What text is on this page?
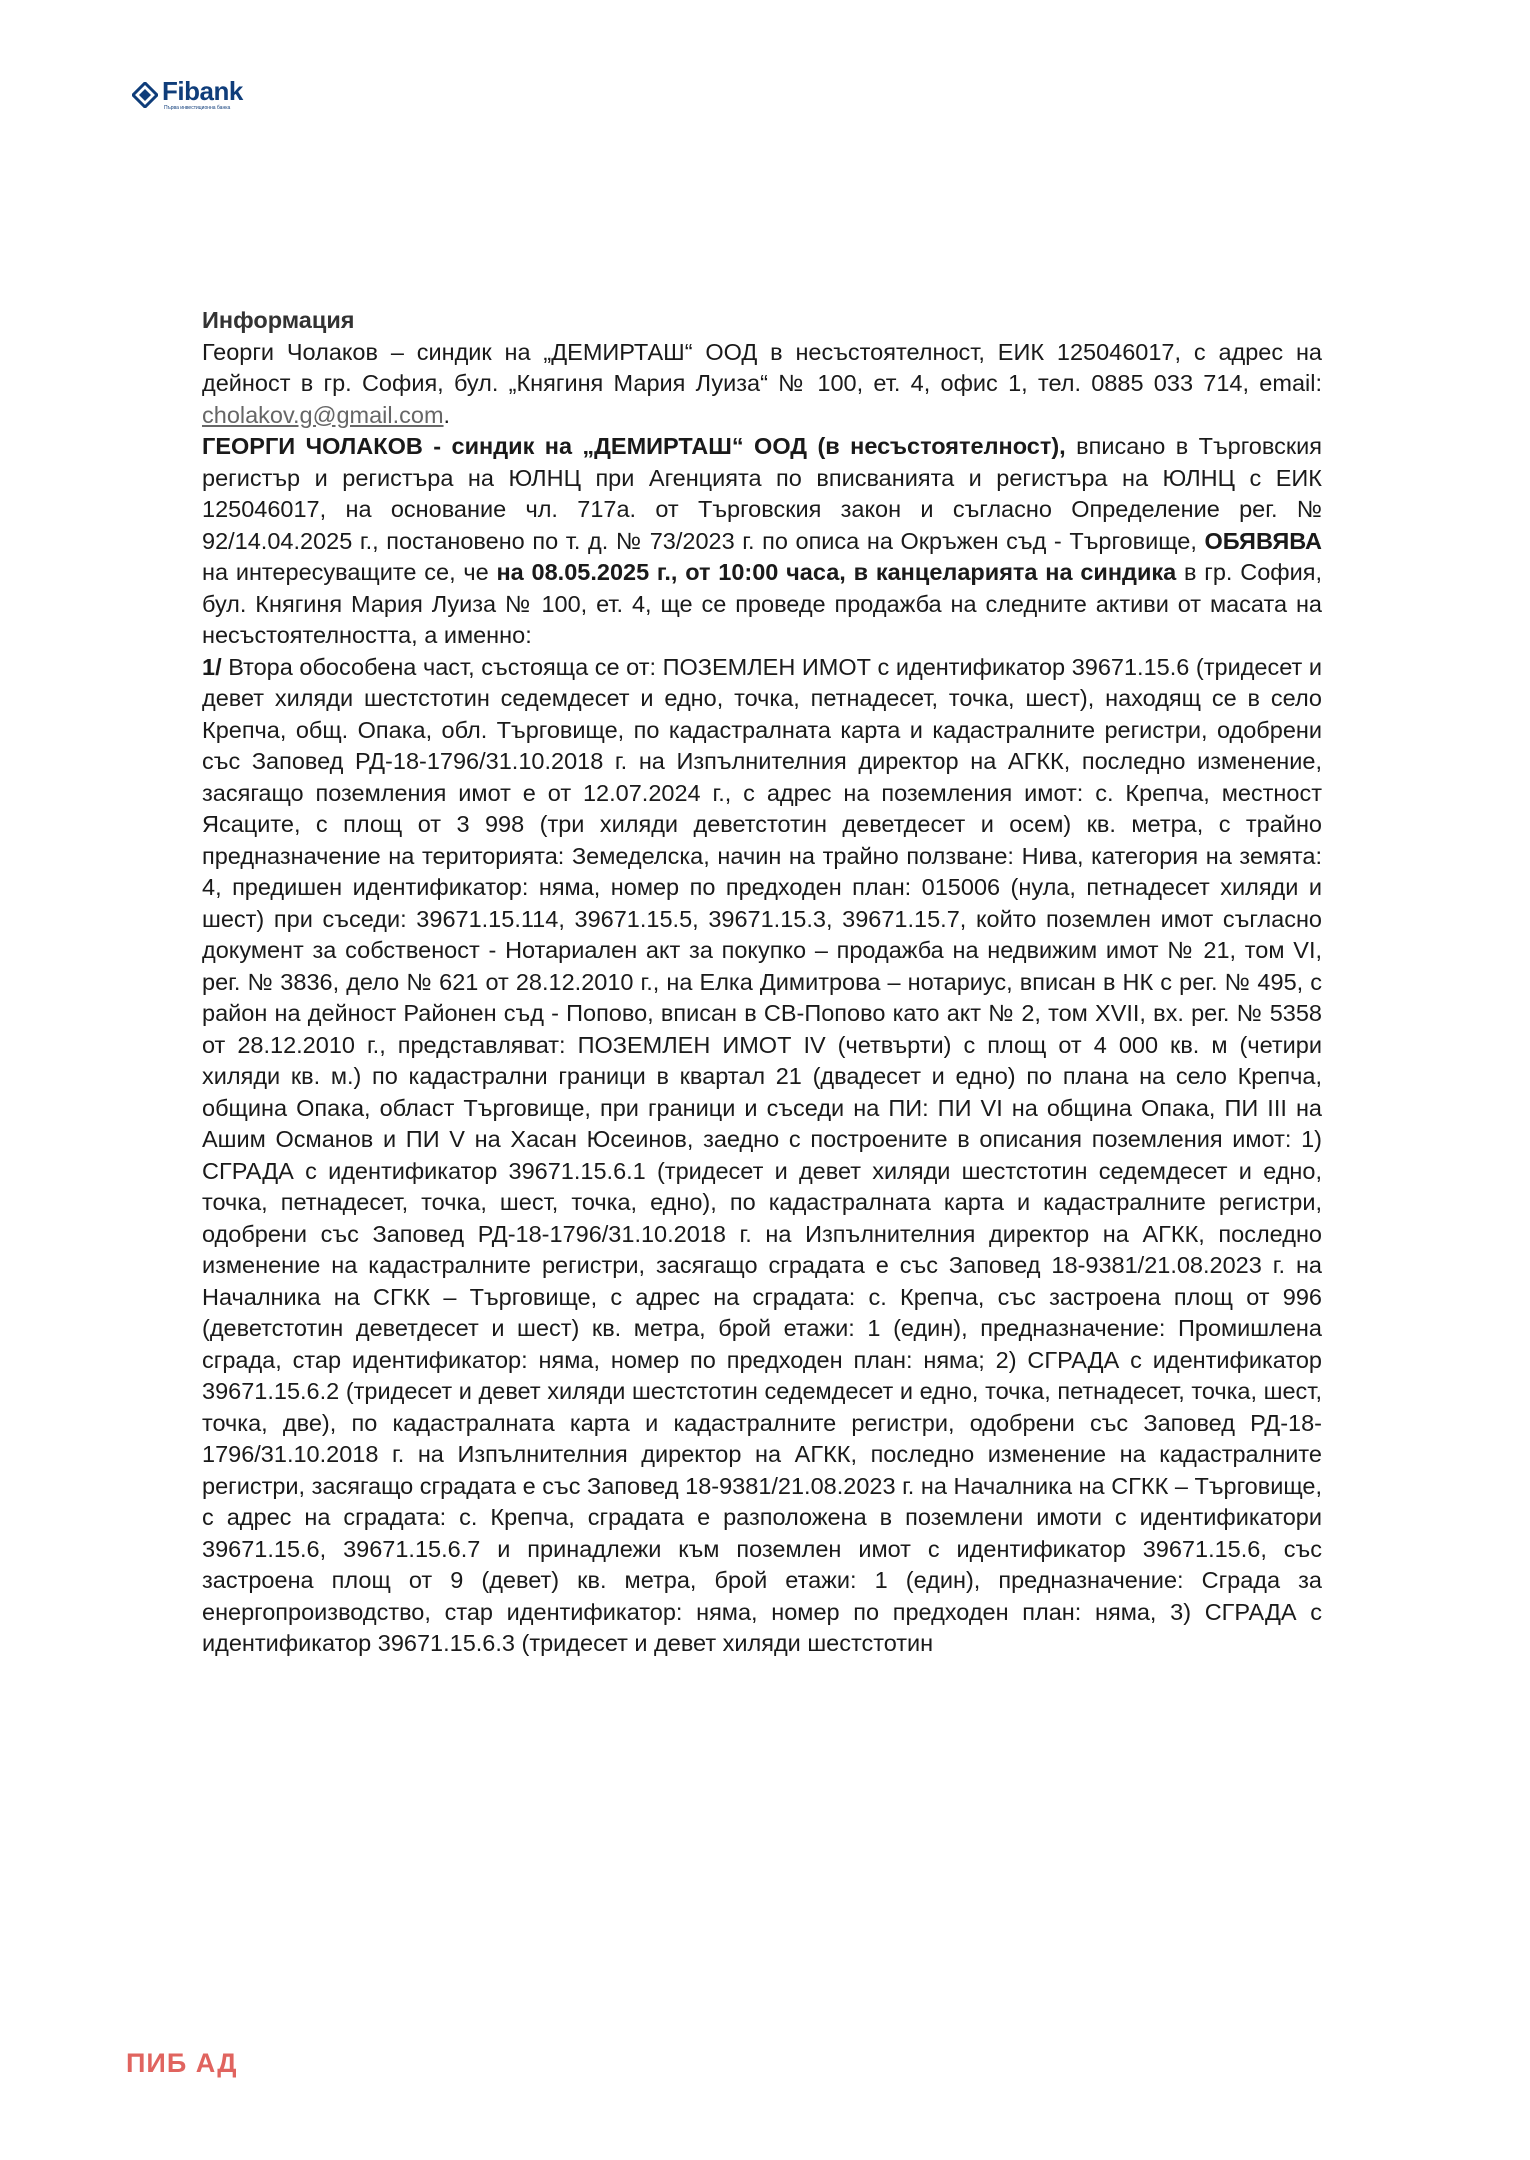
Fibank
Първа инвестиционна банка

Информация

Георги Чолаков – синдик на „ДЕМИРТАШ“ ООД в несъстоятелност, ЕИК 125046017, с адрес на дейност в гр. София, бул. „Княгиня Мария Луиза“ № 100, ет. 4, офис 1, тел. 0885 033 714, email: cholakov.g@gmail.com.

ГЕОРГИ ЧОЛАКОВ - синдик на „ДЕМИРТАШ“ ООД (в несъстоятелност), вписано в Търговския регистър и регистъра на ЮЛНЦ при Агенцията по вписванията и регистъра на ЮЛНЦ с ЕИК 125046017, на основание чл. 717а. от Търговския закон и съгласно Определение рег. № 92/14.04.2025 г., постановено по т. д. № 73/2023 г. по описа на Окръжен съд - Търговище, ОБЯВЯВА на интересуващите се, че на 08.05.2025 г., от 10:00 часа, в канцеларията на синдика в гр. София, бул. Княгиня Мария Луиза № 100, ет. 4, ще се проведе продажба на следните активи от масата на несъстоятелността, а именно:

1/ Втора обособена част, състояща се от: ПОЗЕМЛЕН ИМОТ с идентификатор 39671.15.6 (тридесет и девет хиляди шестстотин седемдесет и едно, точка, петнадесет, точка, шест), находящ се в село Крепча, общ. Опака, обл. Търговище, по кадастралната карта и кадастралните регистри, одобрени със Заповед РД-18-1796/31.10.2018 г. на Изпълнителния директор на АГКК, последно изменение, засягащо поземления имот е от 12.07.2024 г., с адрес на поземления имот: с. Крепча, местност Ясаците, с площ от 3 998 (три хиляди деветстотин деветдесет и осем) кв. метра, с трайно предназначение на територията: Земеделска, начин на трайно ползване: Нива, категория на земята: 4, предишен идентификатор: няма, номер по предходен план: 015006 (нула, петнадесет хиляди и шест) при съседи: 39671.15.114, 39671.15.5, 39671.15.3, 39671.15.7, който поземлен имот съгласно документ за собственост - Нотариален акт за покупко – продажба на недвижим имот № 21, том VI, рег. № 3836, дело № 621 от 28.12.2010 г., на Елка Димитрова – нотариус, вписан в НК с рег. № 495, с район на дейност Районен съд - Попово, вписан в СВ-Попово като акт № 2, том XVII, вх. рег. № 5358 от 28.12.2010 г., представляват: ПОЗЕМЛЕН ИМОТ IV (четвърти) с площ от 4 000 кв. м (четири хиляди кв. м.) по кадастрални граници в квартал 21 (двадесет и едно) по плана на село Крепча, община Опака, област Търговище, при граници и съседи на ПИ: ПИ VI на община Опака, ПИ III на Ашим Османов и ПИ V на Хасан Юсеинов, заедно с построените в описания поземления имот: 1) СГРАДА с идентификатор 39671.15.6.1 (тридесет и девет хиляди шестстотин седемдесет и едно, точка, петнадесет, точка, шест, точка, едно), по кадастралната карта и кадастралните регистри, одобрени със Заповед РД-18-1796/31.10.2018 г. на Изпълнителния директор на АГКК, последно изменение на кадастралните регистри, засягащо сградата е със Заповед 18-9381/21.08.2023 г. на Началника на СГКК – Търговище, с адрес на сградата: с. Крепча, със застроена площ от 996 (деветстотин деветдесет и шест) кв. метра, брой етажи: 1 (един), предназначение: Промишлена сграда, стар идентификатор: няма, номер по предходен план: няма; 2) СГРАДА с идентификатор 39671.15.6.2 (тридесет и девет хиляди шестстотин седемдесет и едно, точка, петнадесет, точка, шест, точка, две), по кадастралната карта и кадастралните регистри, одобрени със Заповед РД-18-1796/31.10.2018 г. на Изпълнителния директор на АГКК, последно изменение на кадастралните регистри, засягащо сградата е със Заповед 18-9381/21.08.2023 г. на Началника на СГКК – Търговище, с адрес на сградата: с. Крепча, сградата е разположена в поземлени имоти с идентификатори 39671.15.6, 39671.15.6.7 и принадлежи към поземлен имот с идентификатор 39671.15.6, със застроена площ от 9 (девет) кв. метра, брой етажи: 1 (един), предназначение: Сграда за енергопроизводство, стар идентификатор: няма, номер по предходен план: няма, 3) СГРАДА с идентификатор 39671.15.6.3 (тридесет и девет хиляди шестстотин

ПИБ АД
